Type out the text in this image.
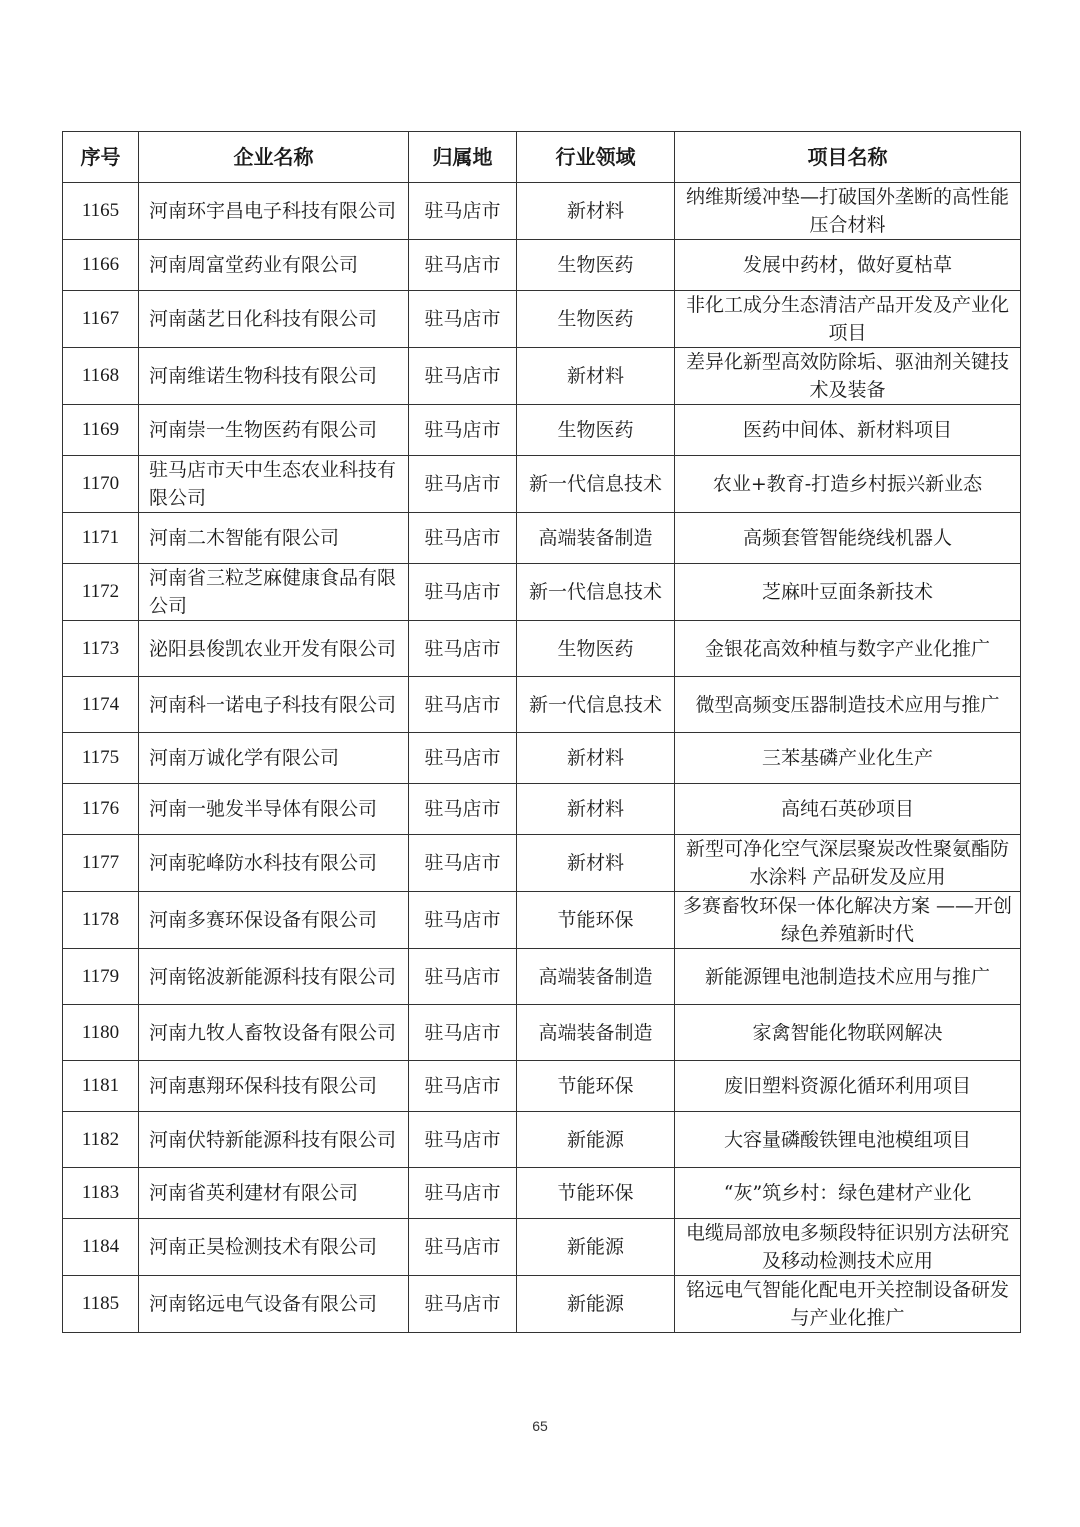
序号	企业名称	归属地	行业领域	项目名称
1165	河南环宇昌电子科技有限公司	驻马店市	新材料	纳维斯缓冲垫—打破国外垄断的高性能压合材料
1166	河南周富堂药业有限公司	驻马店市	生物医药	发展中药材，做好夏枯草
1167	河南菡艺日化科技有限公司	驻马店市	生物医药	非化工成分生态清洁产品开发及产业化项目
1168	河南维诺生物科技有限公司	驻马店市	新材料	差异化新型高效防除垢、驱油剂关键技术及装备
1169	河南崇一生物医药有限公司	驻马店市	生物医药	医药中间体、新材料项目
1170	驻马店市天中生态农业科技有限公司	驻马店市	新一代信息技术	农业+教育-打造乡村振兴新业态
1171	河南二木智能有限公司	驻马店市	高端装备制造	高频套管智能绕线机器人
1172	河南省三粒芝麻健康食品有限公司	驻马店市	新一代信息技术	芝麻叶豆面条新技术
1173	泌阳县俊凯农业开发有限公司	驻马店市	生物医药	金银花高效种植与数字产业化推广
1174	河南科一诺电子科技有限公司	驻马店市	新一代信息技术	微型高频变压器制造技术应用与推广
1175	河南万诚化学有限公司	驻马店市	新材料	三苯基磷产业化生产
1176	河南一驰发半导体有限公司	驻马店市	新材料	高纯石英砂项目
1177	河南驼峰防水科技有限公司	驻马店市	新材料	新型可净化空气深层聚炭改性聚氨酯防水涂料 产品研发及应用
1178	河南多赛环保设备有限公司	驻马店市	节能环保	多赛畜牧环保一体化解决方案 ——开创绿色养殖新时代
1179	河南铭波新能源科技有限公司	驻马店市	高端装备制造	新能源锂电池制造技术应用与推广
1180	河南九牧人畜牧设备有限公司	驻马店市	高端装备制造	家禽智能化物联网解决
1181	河南惠翔环保科技有限公司	驻马店市	节能环保	废旧塑料资源化循环利用项目
1182	河南伏特新能源科技有限公司	驻马店市	新能源	大容量磷酸铁锂电池模组项目
1183	河南省英利建材有限公司	驻马店市	节能环保	“灰”筑乡村：绿色建材产业化
1184	河南正昊检测技术有限公司	驻马店市	新能源	电缆局部放电多频段特征识别方法研究及移动检测技术应用
1185	河南铭远电气设备有限公司	驻马店市	新能源	铭远电气智能化配电开关控制设备研发与产业化推广
65
